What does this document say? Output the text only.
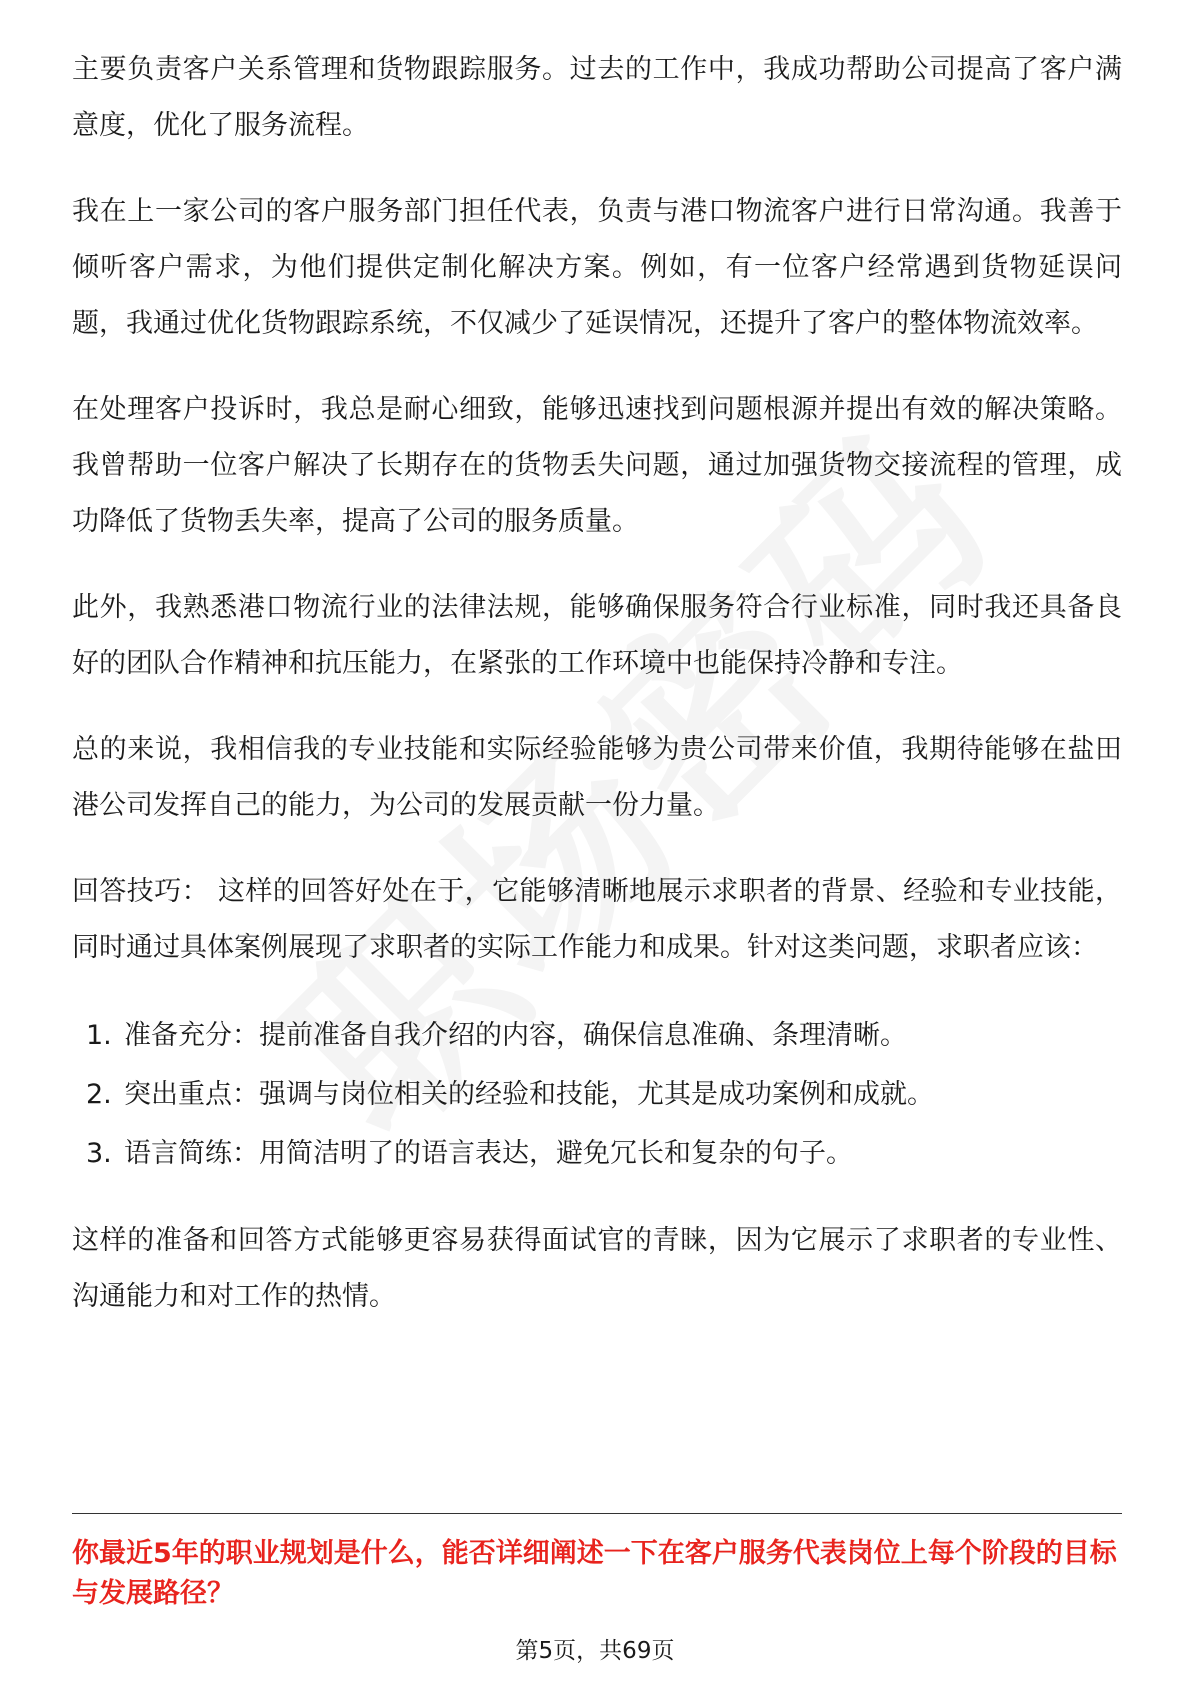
主要负责客户关系管理和货物跟踪服务。过去的工作中，我成功帮助公司提高了客户满意度，优化了服务流程。

我在上一家公司的客户服务部门担任代表，负责与港口物流客户进行日常沟通。我善于倾听客户需求，为他们提供定制化解决方案。例如，有一位客户经常遇到货物延误问题，我通过优化货物跟踪系统，不仅减少了延误情况，还提升了客户的整体物流效率。

在处理客户投诉时，我总是耐心细致，能够迅速找到问题根源并提出有效的解决策略。我曾帮助一位客户解决了长期存在的货物丢失问题，通过加强货物交接流程的管理，成功降低了货物丢失率，提高了公司的服务质量。

此外，我熟悉港口物流行业的法律法规，能够确保服务符合行业标准，同时我还具备良好的团队合作精神和抗压能力，在紧张的工作环境中也能保持冷静和专注。

总的来说，我相信我的专业技能和实际经验能够为贵公司带来价值，我期待能够在盐田港公司发挥自己的能力，为公司的发展贡献一份力量。

回答技巧： 这样的回答好处在于，它能够清晰地展示求职者的背景、经验和专业技能，同时通过具体案例展现了求职者的实际工作能力和成果。针对这类问题，求职者应该：

1. 准备充分：提前准备自我介绍的内容，确保信息准确、条理清晰。
2. 突出重点：强调与岗位相关的经验和技能，尤其是成功案例和成就。
3. 语言简练：用简洁明了的语言表达，避免冗长和复杂的句子。

这样的准备和回答方式能够更容易获得面试官的青睐，因为它展示了求职者的专业性、沟通能力和对工作的热情。

你最近5年的职业规划是什么，能否详细阐述一下在客户服务代表岗位上每个阶段的目标与发展路径？
第5页，共69页
